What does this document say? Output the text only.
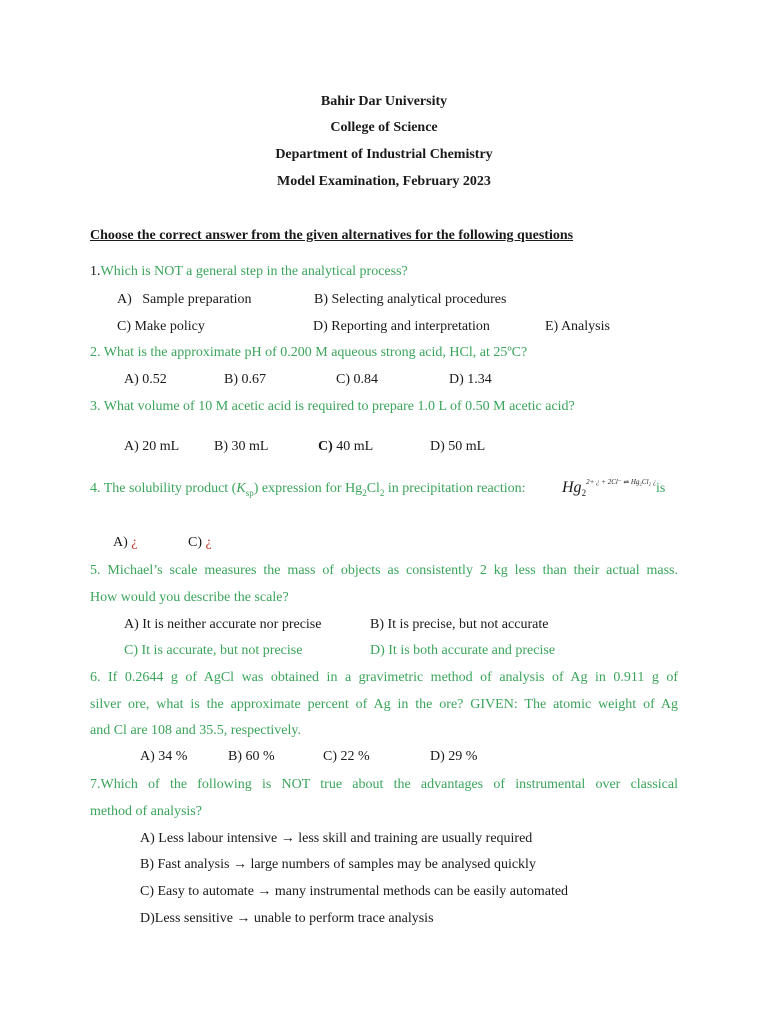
Bahir Dar University
College of Science
Department of Industrial Chemistry
Model Examination, February 2023
Choose the correct answer from the given alternatives for the following questions
1.Which is NOT a general step in the analytical process?
A)   Sample preparation	B) Selecting analytical procedures
C) Make policy	D) Reporting and interpretation	E) Analysis
2. What is the approximate pH of 0.200 M aqueous strong acid, HCl, at 25ºC?
A) 0.52	B) 0.67	C) 0.84	D) 1.34
3. What volume of 10 M acetic acid is required to prepare 1.0 L of 0.50 M acetic acid?
A) 20 mL B) 30 mL	C) 40 mL	D) 50 mL
4. The solubility product $(K_{sp})$ expression for $Hg_2Cl_2$ in precipitation reaction: $Hg_2^{2+ ¿ + 2Cl^- \rightleftharpoons Hg_2Cl_2 ¿}$ is
A) ¿	C) ¿
5. Michael’s scale measures the mass of objects as consistently 2 kg less than their actual mass.
How would you describe the scale?
A) It is neither accurate nor precise	B) It is precise, but not accurate
C) It is accurate, but not precise	D) It is both accurate and precise
6. If 0.2644 g of AgCl was obtained in a gravimetric method of analysis of Ag in 0.911 g of
silver ore, what is the approximate percent of Ag in the ore? GIVEN: The atomic weight of Ag
and Cl are 108 and 35.5, respectively.
A) 34 %	B) 60 %	C) 22 %	D) 29 %
7.Which of the following is NOT true about the advantages of instrumental over classical
method of analysis?
A) Less labour intensive → less skill and training are usually required
B) Fast analysis → large numbers of samples may be analysed quickly
C) Easy to automate → many instrumental methods can be easily automated
D)Less sensitive → unable to perform trace analysis
